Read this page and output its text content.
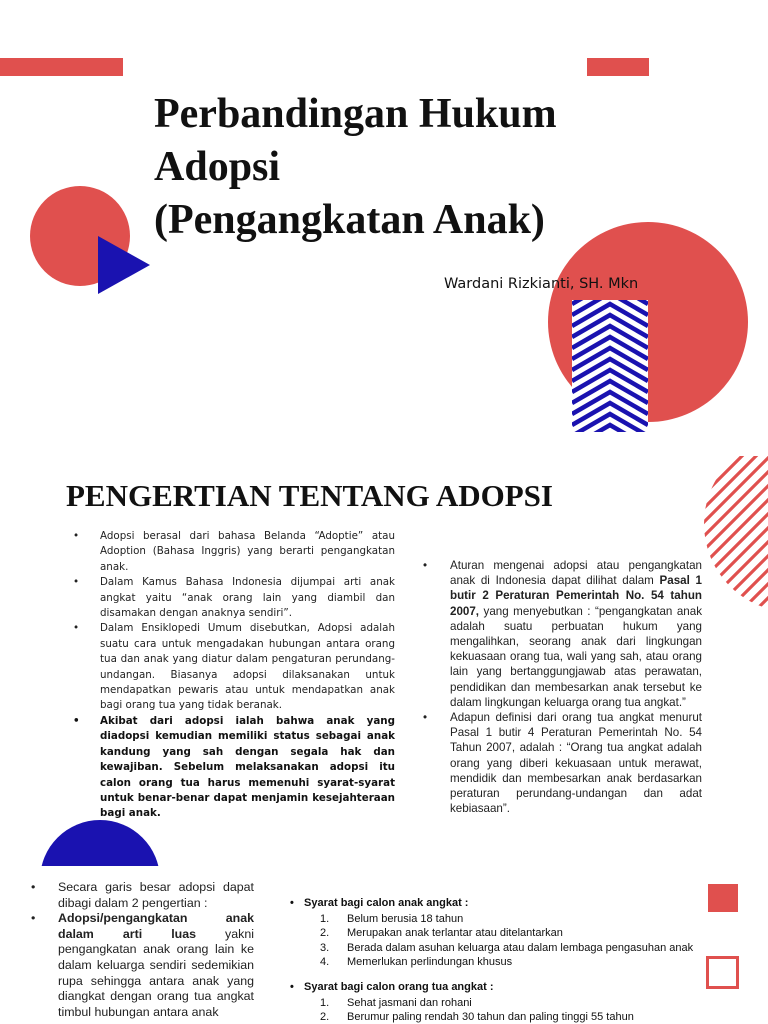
Perbandingan Hukum
Adopsi
(Pengangkatan Anak)
Wardani Rizkianti, SH. Mkn
PENGERTIAN TENTANG ADOPSI
• Adopsi berasal dari bahasa Belanda “Adoptie” atau Adoption (Bahasa Inggris) yang berarti pengangkatan anak.
• Dalam Kamus Bahasa Indonesia dijumpai arti anak angkat yaitu “anak orang lain yang diambil dan disamakan dengan anaknya sendiri”.
• Dalam Ensiklopedi Umum disebutkan, Adopsi adalah suatu cara untuk mengadakan hubungan antara orang tua dan anak yang diatur dalam pengaturan perundang-undangan. Biasanya adopsi dilaksanakan untuk mendapatkan pewaris atau untuk mendapatkan anak bagi orang tua yang tidak beranak.
• Akibat dari adopsi ialah bahwa anak yang diadopsi kemudian memiliki status sebagai anak kandung yang sah dengan segala hak dan kewajiban. Sebelum melaksanakan adopsi itu calon orang tua harus memenuhi syarat-syarat untuk benar-benar dapat menjamin kesejahteraan bagi anak.
• Aturan mengenai adopsi atau pengangkatan anak di Indonesia dapat dilihat dalam Pasal 1 butir 2 Peraturan Pemerintah No. 54 tahun 2007, yang menyebutkan : “pengangkatan anak adalah suatu perbuatan hukum yang mengalihkan, seorang anak dari lingkungan kekuasaan orang tua, wali yang sah, atau orang lain yang bertanggungjawab atas perawatan, pendidikan dan membesarkan anak tersebut ke dalam lingkungan keluarga orang tua angkat.”
• Adapun definisi dari orang tua angkat menurut Pasal 1 butir 4 Peraturan Pemerintah No. 54 Tahun 2007, adalah : “Orang tua angkat adalah orang yang diberi kekuasaan untuk merawat, mendidik dan membesarkan anak berdasarkan peraturan perundang-undangan dan adat kebiasaan”.
• Secara garis besar adopsi dapat dibagi dalam 2 pengertian :
• Adopsi/pengangkatan anak dalam arti luas yakni pengangkatan anak orang lain ke dalam keluarga sendiri sedemikian rupa sehingga antara anak yang diangkat dengan orang tua angkat timbul hubungan antara anak
• Syarat bagi calon anak angkat :
1. Belum berusia 18 tahun
2. Merupakan anak terlantar atau ditelantarkan
3. Berada dalam asuhan keluarga atau dalam lembaga pengasuhan anak
4. Memerlukan perlindungan khusus
• Syarat bagi calon orang tua angkat :
1. Sehat jasmani dan rohani
2. Berumur paling rendah 30 tahun dan paling tinggi 55 tahun
